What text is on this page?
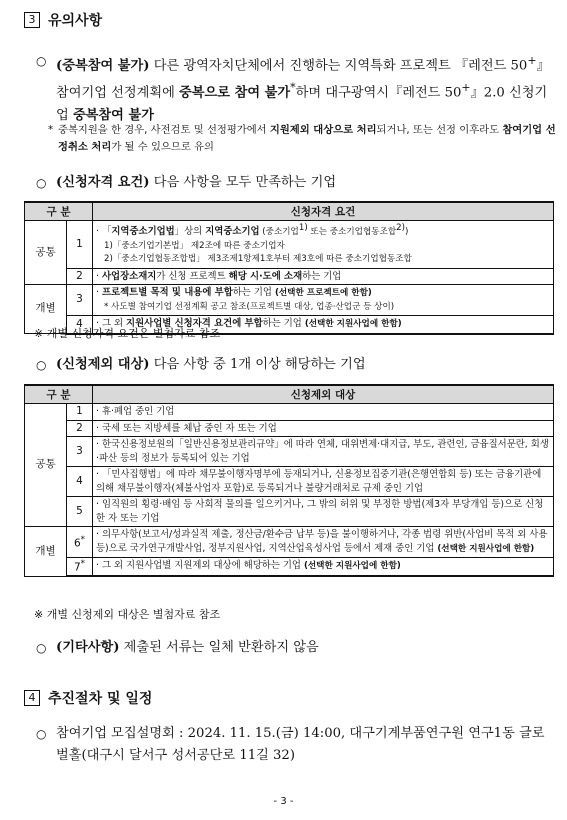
3 유의사항
○ (중복참여 불가) 다른 광역자치단체에서 진행하는 지역특화 프로젝트 『레전드 50+』 참여기업 선정계획에 중복으로 참여 불가*하며 대구광역시『레전드 50+』2.0 신청기업 중복참여 불가
* 중복지원을 한 경우, 사전검토 및 선정평가에서 지원제외 대상으로 처리되거나, 또는 선정 이후라도 참여기업 선정취소 처리가 될 수 있으므로 유의
○ (신청자격 요건) 다음 사항을 모두 만족하는 기업
구 분		신청자격 요건
공통	1	· 「지역중소기업법」상의 지역중소기업 (중소기업$^{1)}$ 또는 중소기업협동조합$^{2)}$)
1)「중소기업기본법」 제2조에 따른 중소기업자
2)「중소기업협동조합법」 제3조제1항제1호부터 제3호에 따른 중소기업협동조합

	2	· 사업장소재지가 신청 프로젝트 해당 시·도에 소재하는 기업
개별	3	· 프로젝트별 목적 및 내용에 부합하는 기업 (선택한 프로젝트에 한함)
* 사도별 참여기업 선정계획 공고 참조(프로젝트별 대상, 업종·산업군 등 상이)

	4	· 그 외 지원사업별 신청자격 요건에 부합하는 기업 (선택한 지원사업에 한함)
※ 개별 신청자격 요건은 별첨자료 참조
○ (신청제외 대상) 다음 사항 중 1개 이상 해당하는 기업
구 분		신청제외 대상
공통	1	· 휴·폐업 중인 기업
	2	· 국세 또는 지방세를 체납 중인 자 또는 기업
	3	· 한국신용정보원의「일반신용정보관리규약」에 따라 연체, 대위변제·대지급, 부도, 관련인, 금융질서문란, 회생·파산 등의 정보가 등록되어 있는 기업
	4	· 「민사집행법」에 따라 채무불이행자명부에 등재되거나, 신용정보집중기관(은행연합회 등) 또는 금융기관에 의해 채무불이행자(체불사업자 포함)로 등록되거나 불량거래처로 규제 중인 기업
	5	· 임직원의 횡령·배임 등 사회적 물의를 일으키거나, 그 밖의 허위 및 부정한 방법(제3자 부당개입 등)으로 신청한 자 또는 기업
개별	6*	· 의무사항(보고서/성과실적 제출, 정산금/환수금 납부 등)을 불이행하거나, 각종 법령 위반(사업비 목적 외 사용 등)으로 국가연구개발사업, 정부지원사업, 지역산업육성사업 등에서 제재 중인 기업 (선택한 지원사업에 한함)
	7*	· 그 외 지원사업별 지원제외 대상에 해당하는 기업 (선택한 지원사업에 한함)
※ 개별 신청제외 대상은 별첨자료 참조
○ (기타사항) 제출된 서류는 일체 반환하지 않음
4 추진절차 및 일정
○ 참여기업 모집설명회 : 2024. 11. 15.(금) 14:00, 대구기계부품연구원 연구1동 글로벌홀(대구시 달서구 성서공단로 11길 32)
- 3 -
